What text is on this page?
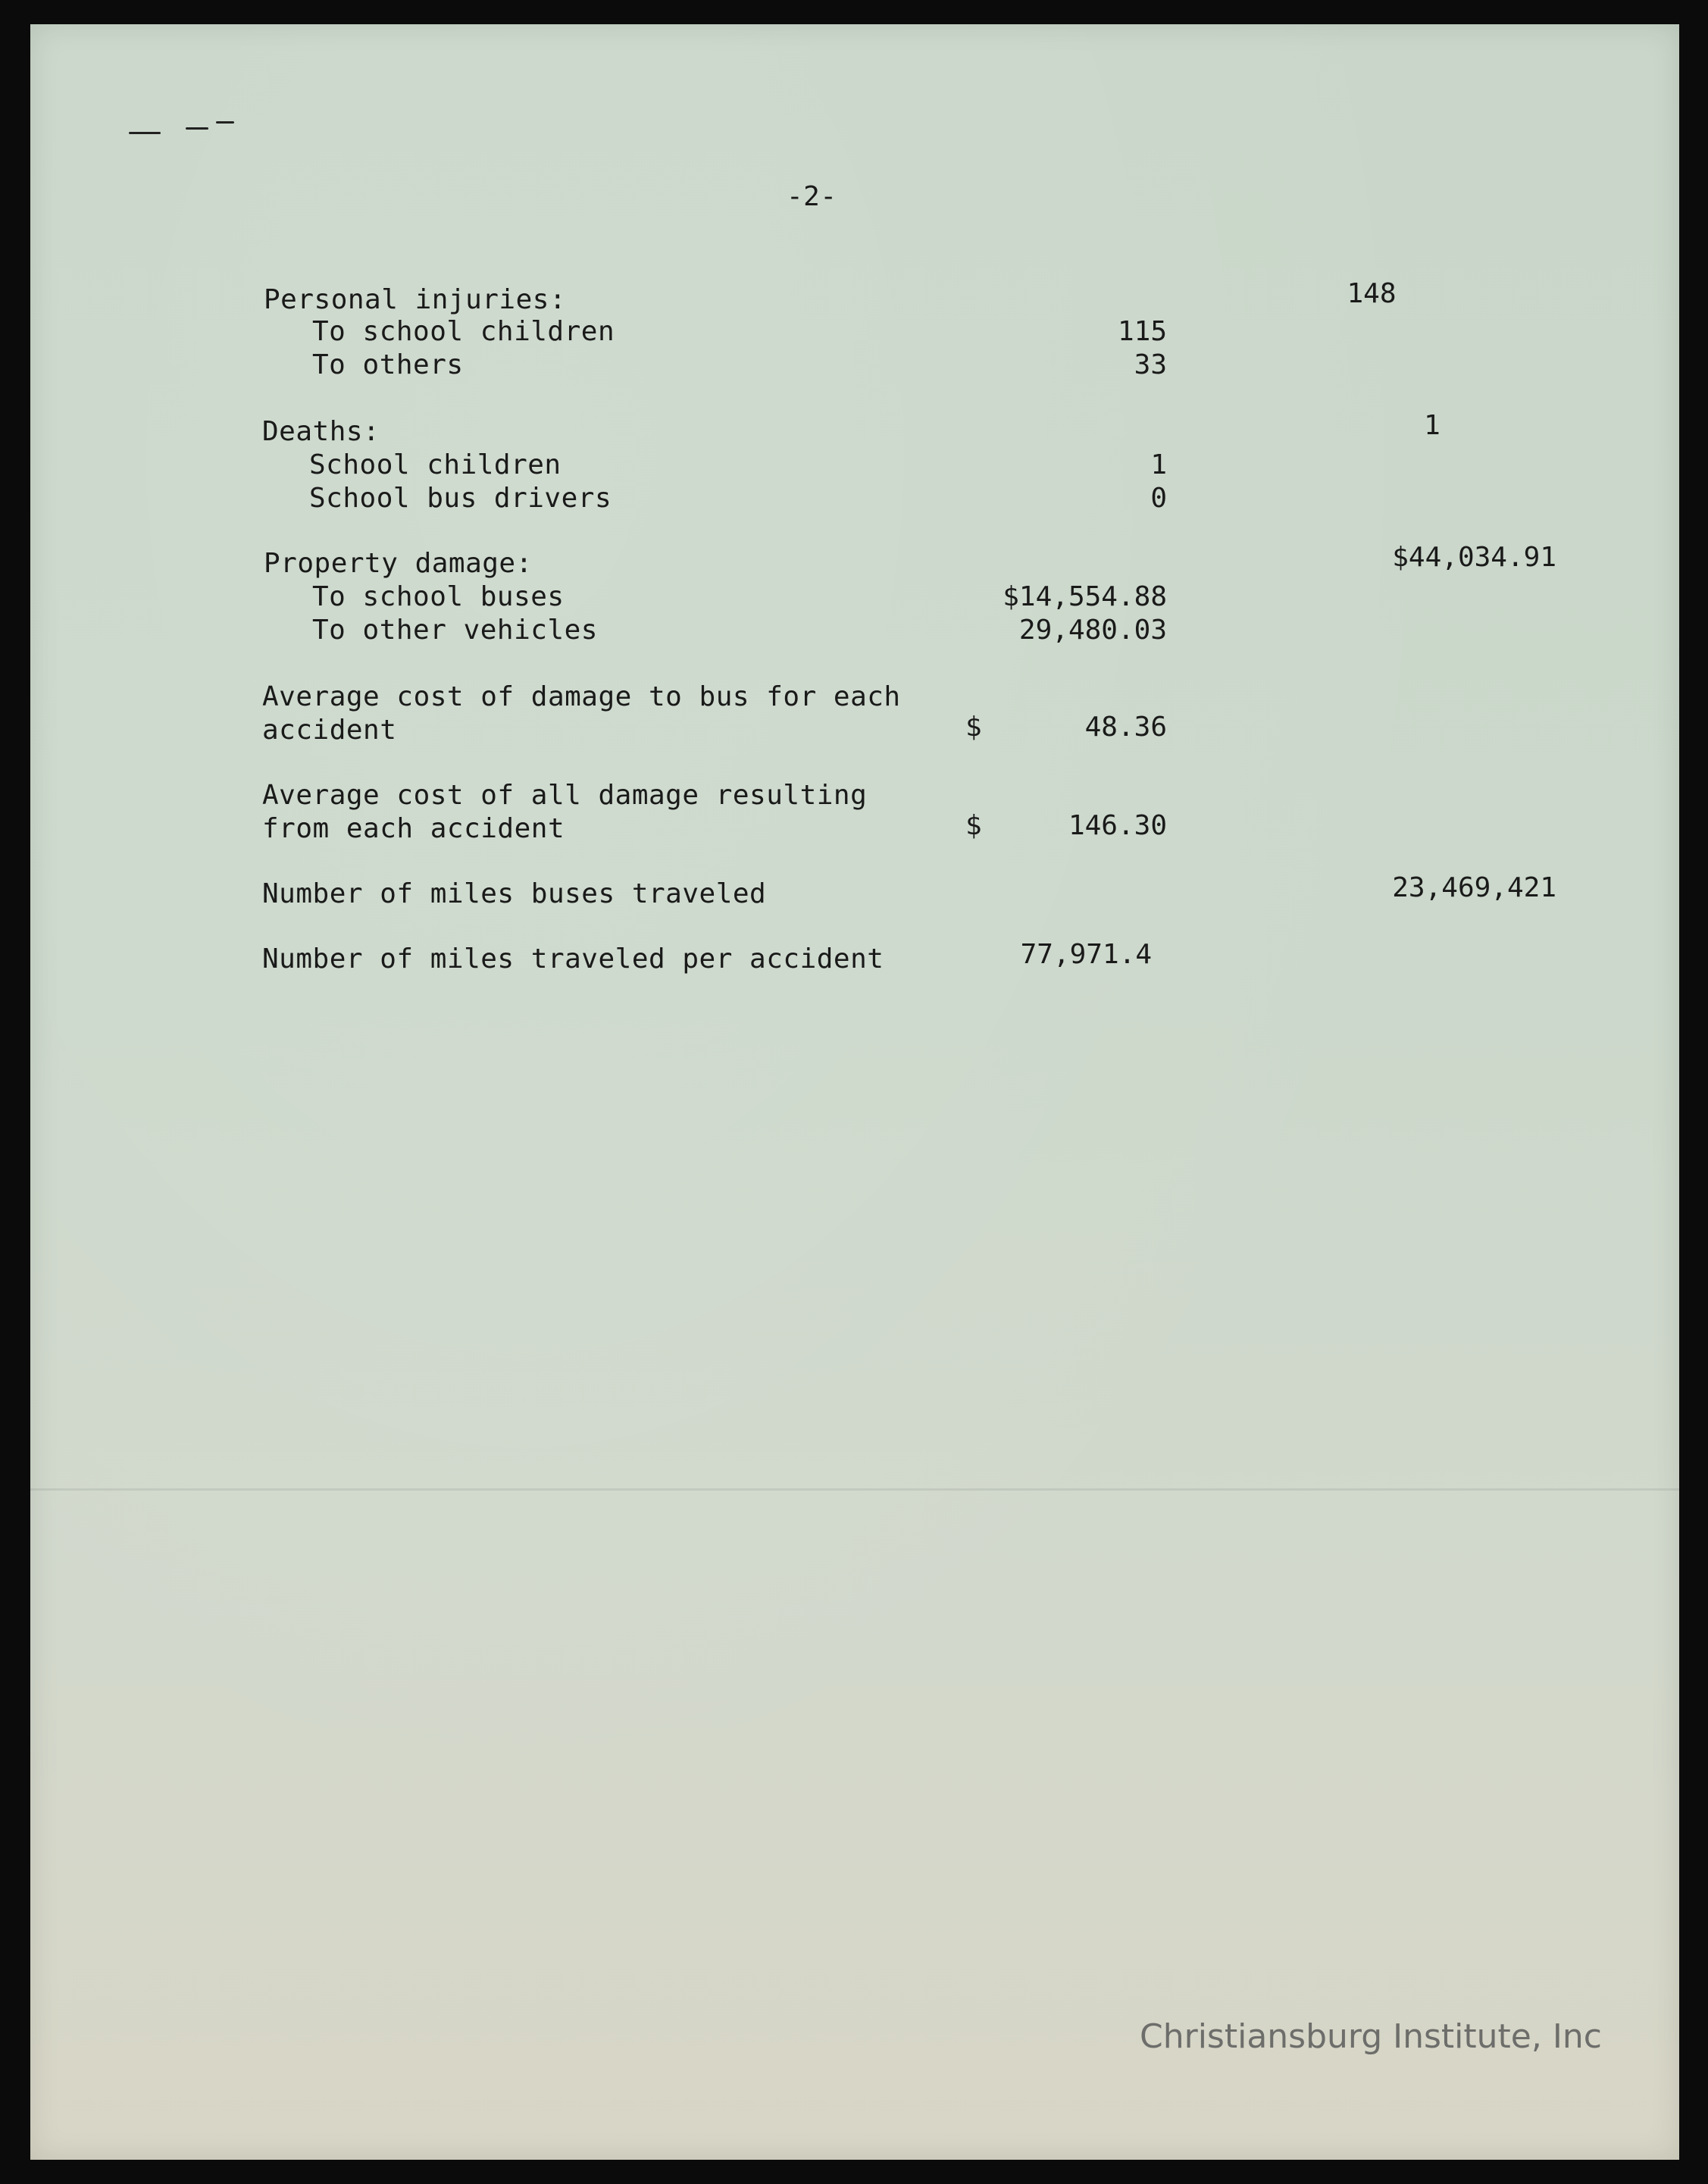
-2-
Personal injuries:	148
To school children	115
To others	33
Deaths:	1
School children	1
School bus drivers	0
Property damage:	$44,034.91
To school buses	$14,554.88
To other vehicles	29,480.03
Average cost of damage to bus for each
accident	$	48.36
Average cost of all damage resulting
from each accident	$	146.30
Number of miles buses traveled	23,469,421
Number of miles traveled per accident	77,971.4
Christiansburg Institute, Inc
